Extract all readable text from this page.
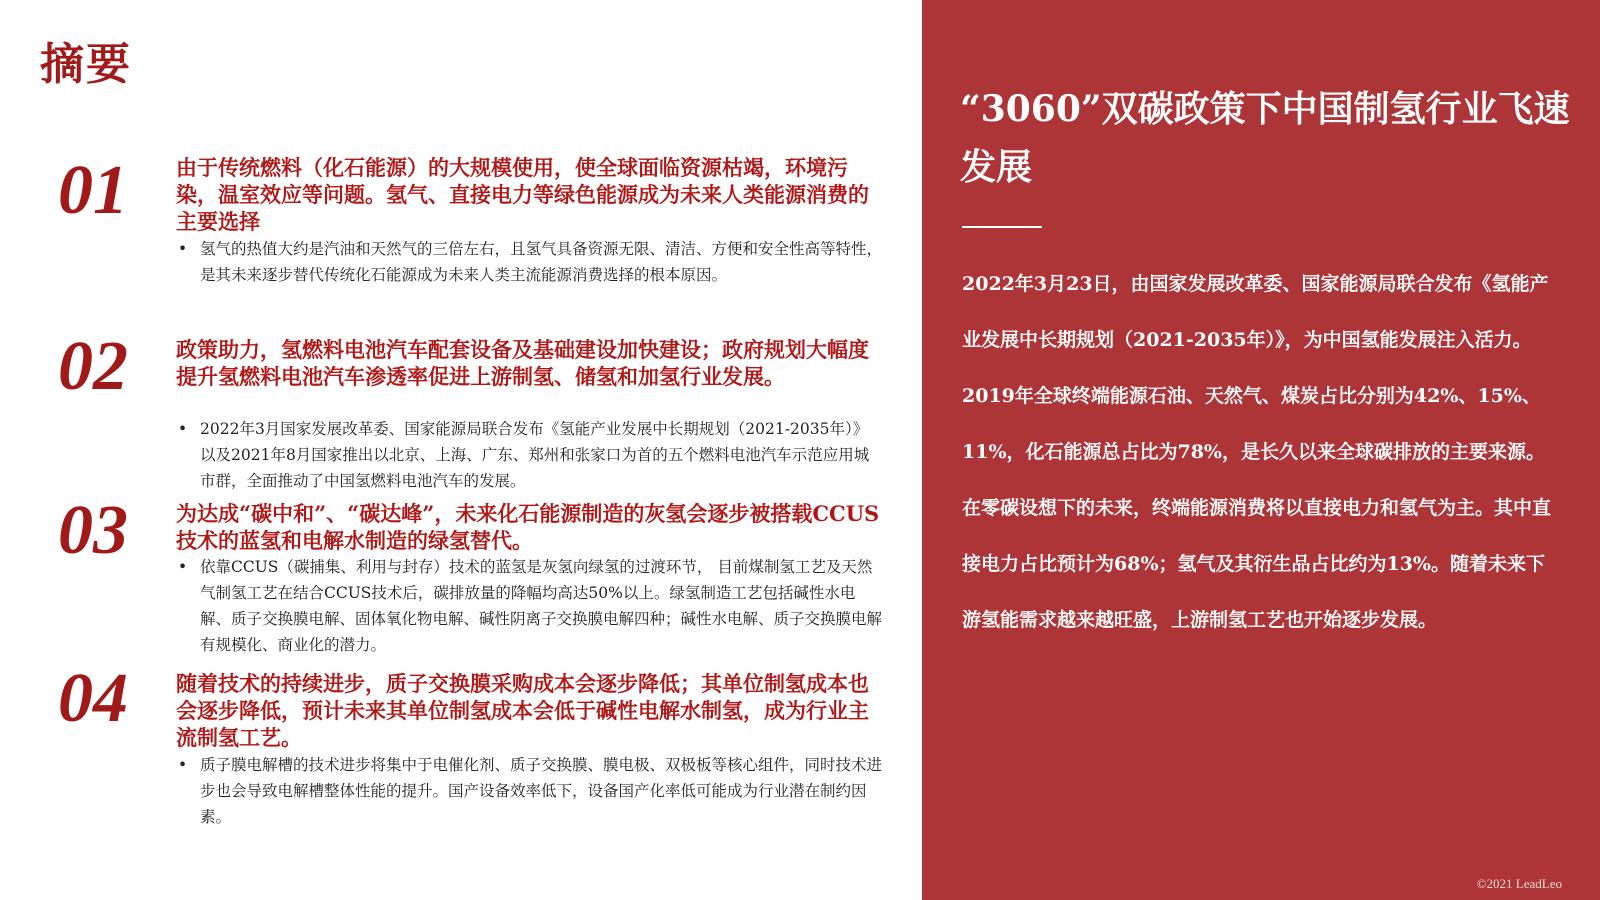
摘要
01 由于传统燃料（化石能源）的大规模使用，使全球面临资源枯竭，环境污染，温室效应等问题。氢气、直接电力等绿色能源成为未来人类能源消费的主要选择

• 氢气的热值大约是汽油和天然气的三倍左右，且氢气具备资源无限、清洁、方便和安全性高等特性，是其未来逐步替代传统化石能源成为未来人类主流能源消费选择的根本原因。
02 政策助力，氢燃料电池汽车配套设备及基础建设加快建设；政府规划大幅度提升氢燃料电池汽车渗透率促进上游制氢、储氢和加氢行业发展。

• 2022年3月国家发展改革委、国家能源局联合发布《氢能产业发展中长期规划（2021-2035年）》以及2021年8月国家推出以北京、上海、广东、郑州和张家口为首的五个燃料电池汽车示范应用城市群，全面推动了中国氢燃料电池汽车的发展。
03 为达成“碳中和”、“碳达峰”，未来化石能源制造的灰氢会逐步被搭载CCUS技术的蓝氢和电解水制造的绿氢替代。

• 依靠CCUS（碳捕集、利用与封存）技术的蓝氢是灰氢向绿氢的过渡环节， 目前煤制氢工艺及天然气制氢工艺在结合CCUS技术后，碳排放量的降幅均高达50%以上。绿氢制造工艺包括碱性水电解、质子交换膜电解、固体氧化物电解、碱性阴离子交换膜电解四种；碱性水电解、质子交换膜电解有规模化、商业化的潜力。
04 随着技术的持续进步，质子交换膜采购成本会逐步降低；其单位制氢成本也会逐步降低，预计未来其单位制氢成本会低于碱性电解水制氢，成为行业主流制氢工艺。

• 质子膜电解槽的技术进步将集中于电催化剂、质子交换膜、膜电极、双极板等核心组件，同时技术进步也会导致电解槽整体性能的提升。国产设备效率低下，设备国产化率低可能成为行业潜在制约因素。
“3060”双碳政策下中国制氢行业飞速发展

2022年3月23日，由国家发展改革委、国家能源局联合发布《氢能产业发展中长期规划（2021-2035年）》，为中国氢能发展注入活力。2019年全球终端能源石油、天然气、煤炭占比分别为42%、15%、11%，化石能源总占比为78%，是长久以来全球碳排放的主要来源。在零碳设想下的未来，终端能源消费将以直接电力和氢气为主。其中直接电力占比预计为68%；氢气及其衍生品占比约为13%。随着未来下游氢能需求越来越旺盛，上游制氢工艺也开始逐步发展。

©2021 LeadLeo
